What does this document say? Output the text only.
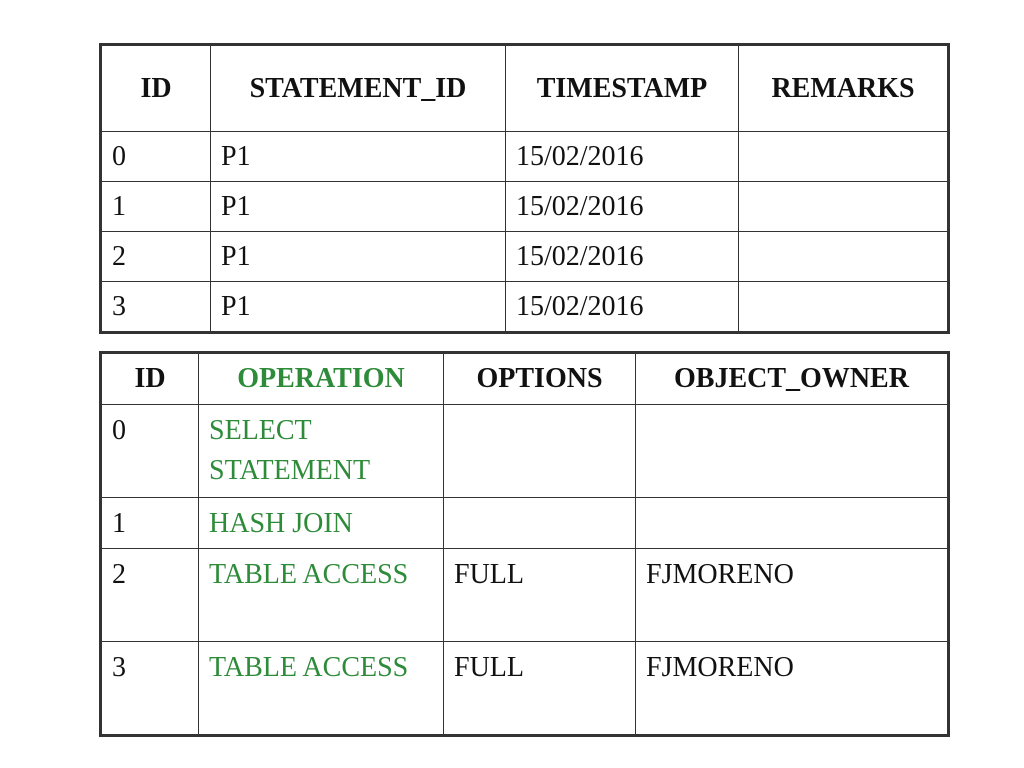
ID	STATEMENT_ID	TIMESTAMP	REMARKS
0	P1	15/02/2016	
1	P1	15/02/2016	
2	P1	15/02/2016	
3	P1	15/02/2016	
ID	OPERATION	OPTIONS	OBJECT_OWNER
0	SELECT STATEMENT		
1	HASH JOIN		
2	TABLE ACCESS	FULL	FJMORENO
3	TABLE ACCESS	FULL	FJMORENO
